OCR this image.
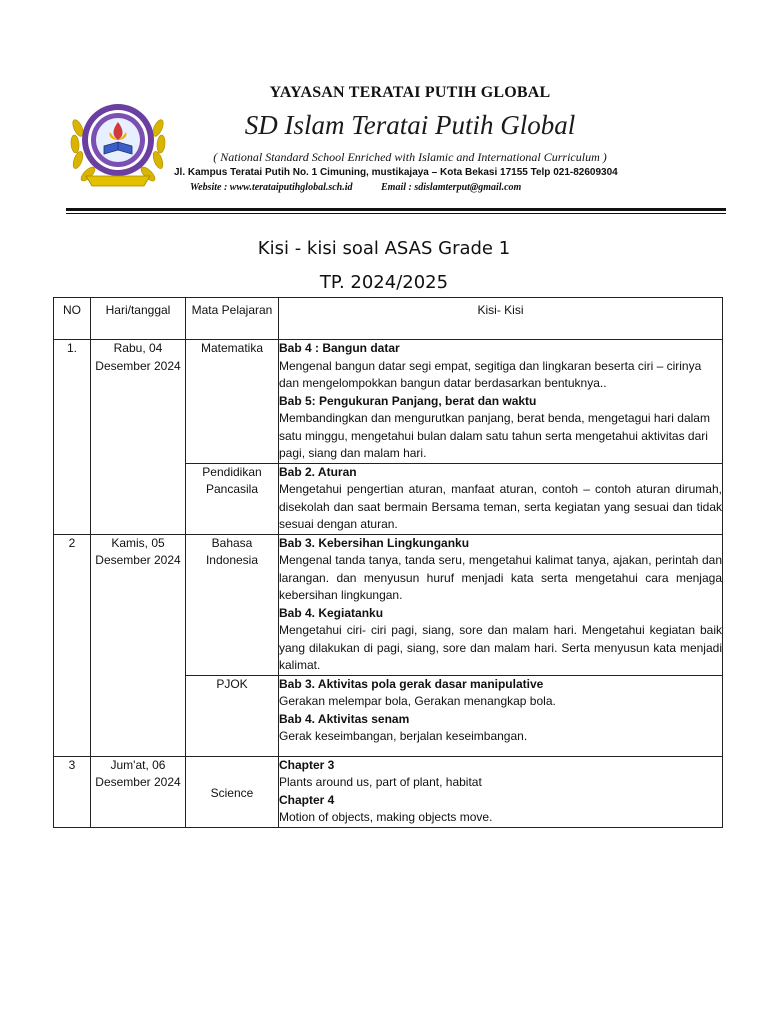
YAYASAN TERATAI PUTIH GLOBAL
SD Islam Teratai Putih Global
( National Standard School Enriched with Islamic and International Curriculum )
Jl. Kampus Teratai Putih No. 1 Cimuning, mustikajaya – Kota Bekasi 17155 Telp 021-82609304
Website : www.terataiputihglobal.sch.id	Email : sdislamterput@gmail.com
Kisi - kisi soal ASAS Grade 1
TP. 2024/2025
NO	Hari/tanggal	Mata Pelajaran	Kisi- Kisi
1.	Rabu, 04 Desember 2024	Matematika	Bab 4 : Bangun datar
Mengenal bangun datar segi empat, segitiga dan lingkaran beserta ciri – cirinya dan mengelompokkan bangun datar berdasarkan bentuknya..
Bab 5: Pengukuran Panjang, berat dan waktu
Membandingkan dan mengurutkan panjang, berat benda, mengetagui hari dalam satu minggu, mengetahui bulan dalam satu tahun serta mengetahui aktivitas dari pagi, siang dan malam hari.

		Pendidikan Pancasila	Bab 2. Aturan
Mengetahui pengertian aturan, manfaat aturan, contoh – contoh aturan dirumah, disekolah dan saat bermain Bersama teman, serta kegiatan yang sesuai dan tidak sesuai dengan aturan.

2	Kamis, 05 Desember 2024	Bahasa Indonesia	Bab 3. Kebersihan Lingkunganku
Mengenal tanda tanya, tanda seru, mengetahui kalimat tanya, ajakan, perintah dan larangan. dan menyusun huruf menjadi kata serta mengetahui cara menjaga kebersihan lingkungan.
Bab 4. Kegiatanku
Mengetahui ciri- ciri pagi, siang, sore dan malam hari. Mengetahui kegiatan baik yang dilakukan di pagi, siang, sore dan malam hari. Serta menyusun kata menjadi kalimat.

		PJOK	Bab 3. Aktivitas pola gerak dasar manipulative
Gerakan melempar bola, Gerakan menangkap bola.
Bab 4. Aktivitas senam
Gerak keseimbangan, berjalan keseimbangan.

3	Jum'at, 06 Desember 2024	Science	Chapter 3
Plants around us, part of plant, habitat
Chapter 4
Motion of objects, making objects move.
